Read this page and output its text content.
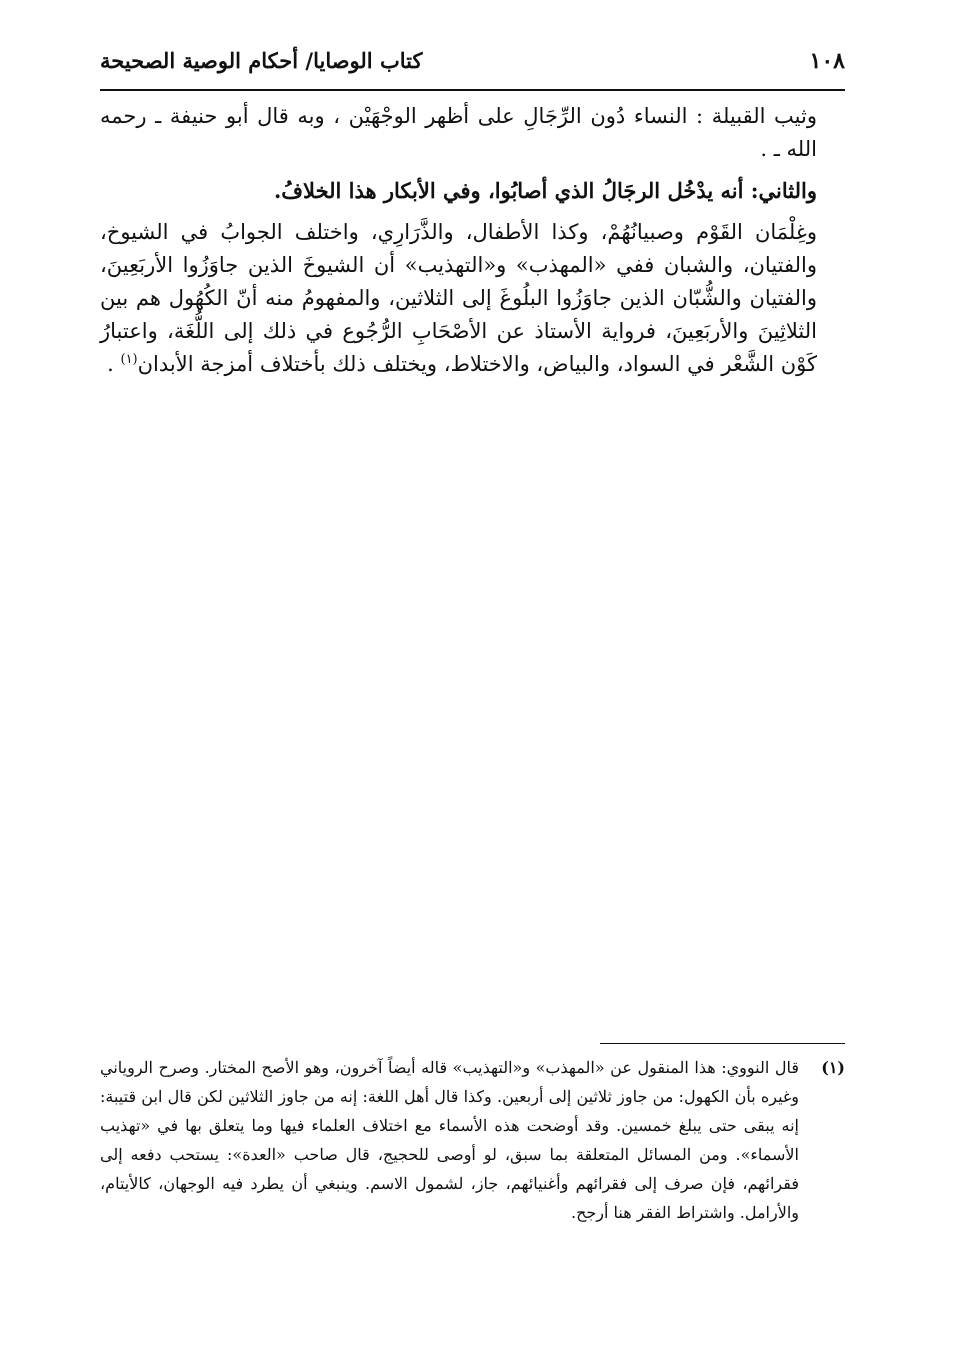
١٠٨
كتاب الوصايا/ أحكام الوصية الصحيحة

وثيب القبيلة : النساء دُون الرِّجَالِ على أظهر الوجْهَيْن ، وبه قال أبو حنيفة ـ رحمه الله ـ .

والثاني: أنه يدْخُل الرجَالُ الذي أصابُوا، وفي الأبكار هذا الخلافُ.

وغِلْمَان القَوْم وصبيانُهُمْ، وكذا الأطفال، والذَّرَارِي، واختلف الجوابُ في الشيوخ، والفتيان، والشبان ففي «المهذب» و«التهذيب» أن الشيوخَ الذين جاوَزُوا الأربَعِينَ، والفتيان والشُّبّان الذين جاوَزُوا البلُوغَ إلى الثلاثين، والمفهومُ منه أنّ الكُهُول هم بين الثلاثِينَ والأربَعِينَ، فرواية الأستاذ عن الأصْحَابِ الرُّجُوع في ذلك إلى اللُّغَة، واعتبارُ كَوْن الشَّعْر في السواد، والبياض، والاختلاط، ويختلف ذلك بأختلاف أمزجة الأبدان$^{(١)}$ .

(١)
قال النووي: هذا المنقول عن «المهذب» و«التهذيب» قاله أيضاً آخرون، وهو الأصح المختار. وصرح الروياني وغيره بأن الكهول: من جاوز ثلاثين إلى أربعين. وكذا قال أهل اللغة: إنه من جاوز الثلاثين لكن قال ابن قتيبة: إنه يبقى حتى يبلغ خمسين. وقد أوضحت هذه الأسماء مع اختلاف العلماء فيها وما يتعلق بها في «تهذيب الأسماء». ومن المسائل المتعلقة بما سبق، لو أوصى للحجيج، قال صاحب «العدة»: يستحب دفعه إلى فقرائهم، فإن صرف إلى فقرائهم وأغنيائهم، جاز، لشمول الاسم. وينبغي أن يطرد فيه الوجهان، كالأيتام، والأرامل. واشتراط الفقر هنا أرجح.
